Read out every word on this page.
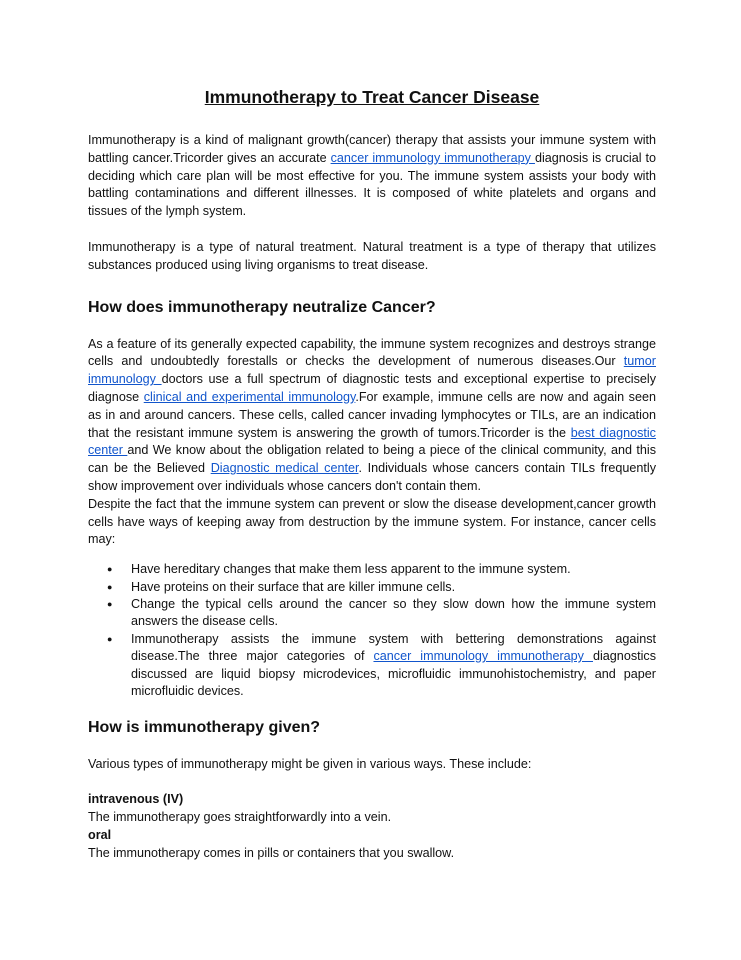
Immunotherapy to Treat Cancer Disease

Immunotherapy is a kind of malignant growth(cancer) therapy that assists your immune system with battling cancer.Tricorder gives an accurate cancer immunology immunotherapy diagnosis is crucial to deciding which care plan will be most effective for you. The immune system assists your body with battling contaminations and different illnesses. It is composed of white platelets and organs and tissues of the lymph system.

Immunotherapy is a type of natural treatment. Natural treatment is a type of therapy that utilizes substances produced using living organisms to treat disease.

How does immunotherapy neutralize Cancer?

As a feature of its generally expected capability, the immune system recognizes and destroys strange cells and undoubtedly forestalls or checks the development of numerous diseases.Our tumor immunology doctors use a full spectrum of diagnostic tests and exceptional expertise to precisely diagnose clinical and experimental immunology.For example, immune cells are now and again seen as in and around cancers. These cells, called cancer invading lymphocytes or TILs, are an indication that the resistant immune system is answering the growth of tumors.Tricorder is the best diagnostic center and We know about the obligation related to being a piece of the clinical community, and this can be the Believed Diagnostic medical center. Individuals whose cancers contain TILs frequently show improvement over individuals whose cancers don't contain them.

Despite the fact that the immune system can prevent or slow the disease development,cancer growth cells have ways of keeping away from destruction by the immune system. For instance, cancer cells may:

● Have hereditary changes that make them less apparent to the immune system.
● Have proteins on their surface that are killer immune cells.
● Change the typical cells around the cancer so they slow down how the immune system answers the disease cells.
● Immunotherapy assists the immune system with bettering demonstrations against disease.The three major categories of cancer immunology immunotherapy diagnostics discussed are liquid biopsy microdevices, microfluidic immunohistochemistry, and paper microfluidic devices.
How is immunotherapy given?

Various types of immunotherapy might be given in various ways. These include:

intravenous (IV)

The immunotherapy goes straightforwardly into a vein.

oral

The immunotherapy comes in pills or containers that you swallow.
